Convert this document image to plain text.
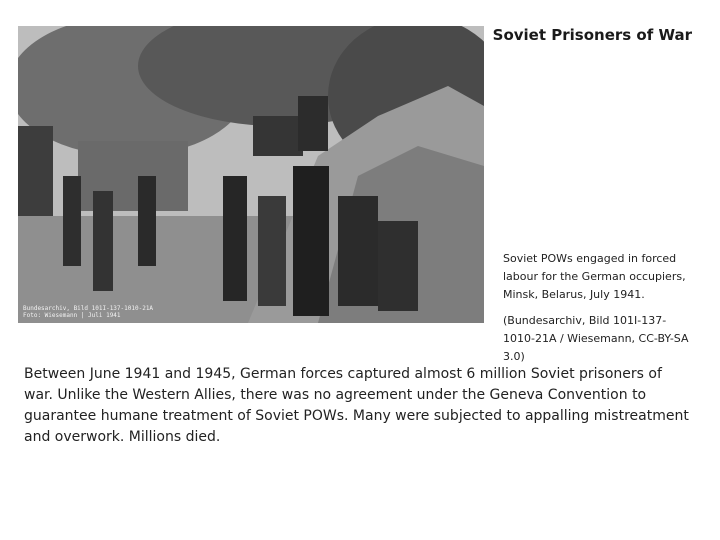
Bundesarchiv, Bild 101I-137-1010-21A
Foto: Wiesemann | Juli 1941
Soviet Prisoners of War
Soviet POWs engaged in forced labour for the German occupiers, Minsk, Belarus, July 1941.
(Bundesarchiv, Bild 101I-137-1010-21A / Wiesemann, CC-BY-SA 3.0)
Between June 1941 and 1945, German forces captured almost 6 million Soviet prisoners of war. Unlike the Western Allies, there was no agreement under the Geneva Convention to guarantee humane treatment of Soviet POWs. Many were subjected to appalling mistreatment and overwork. Millions died.
